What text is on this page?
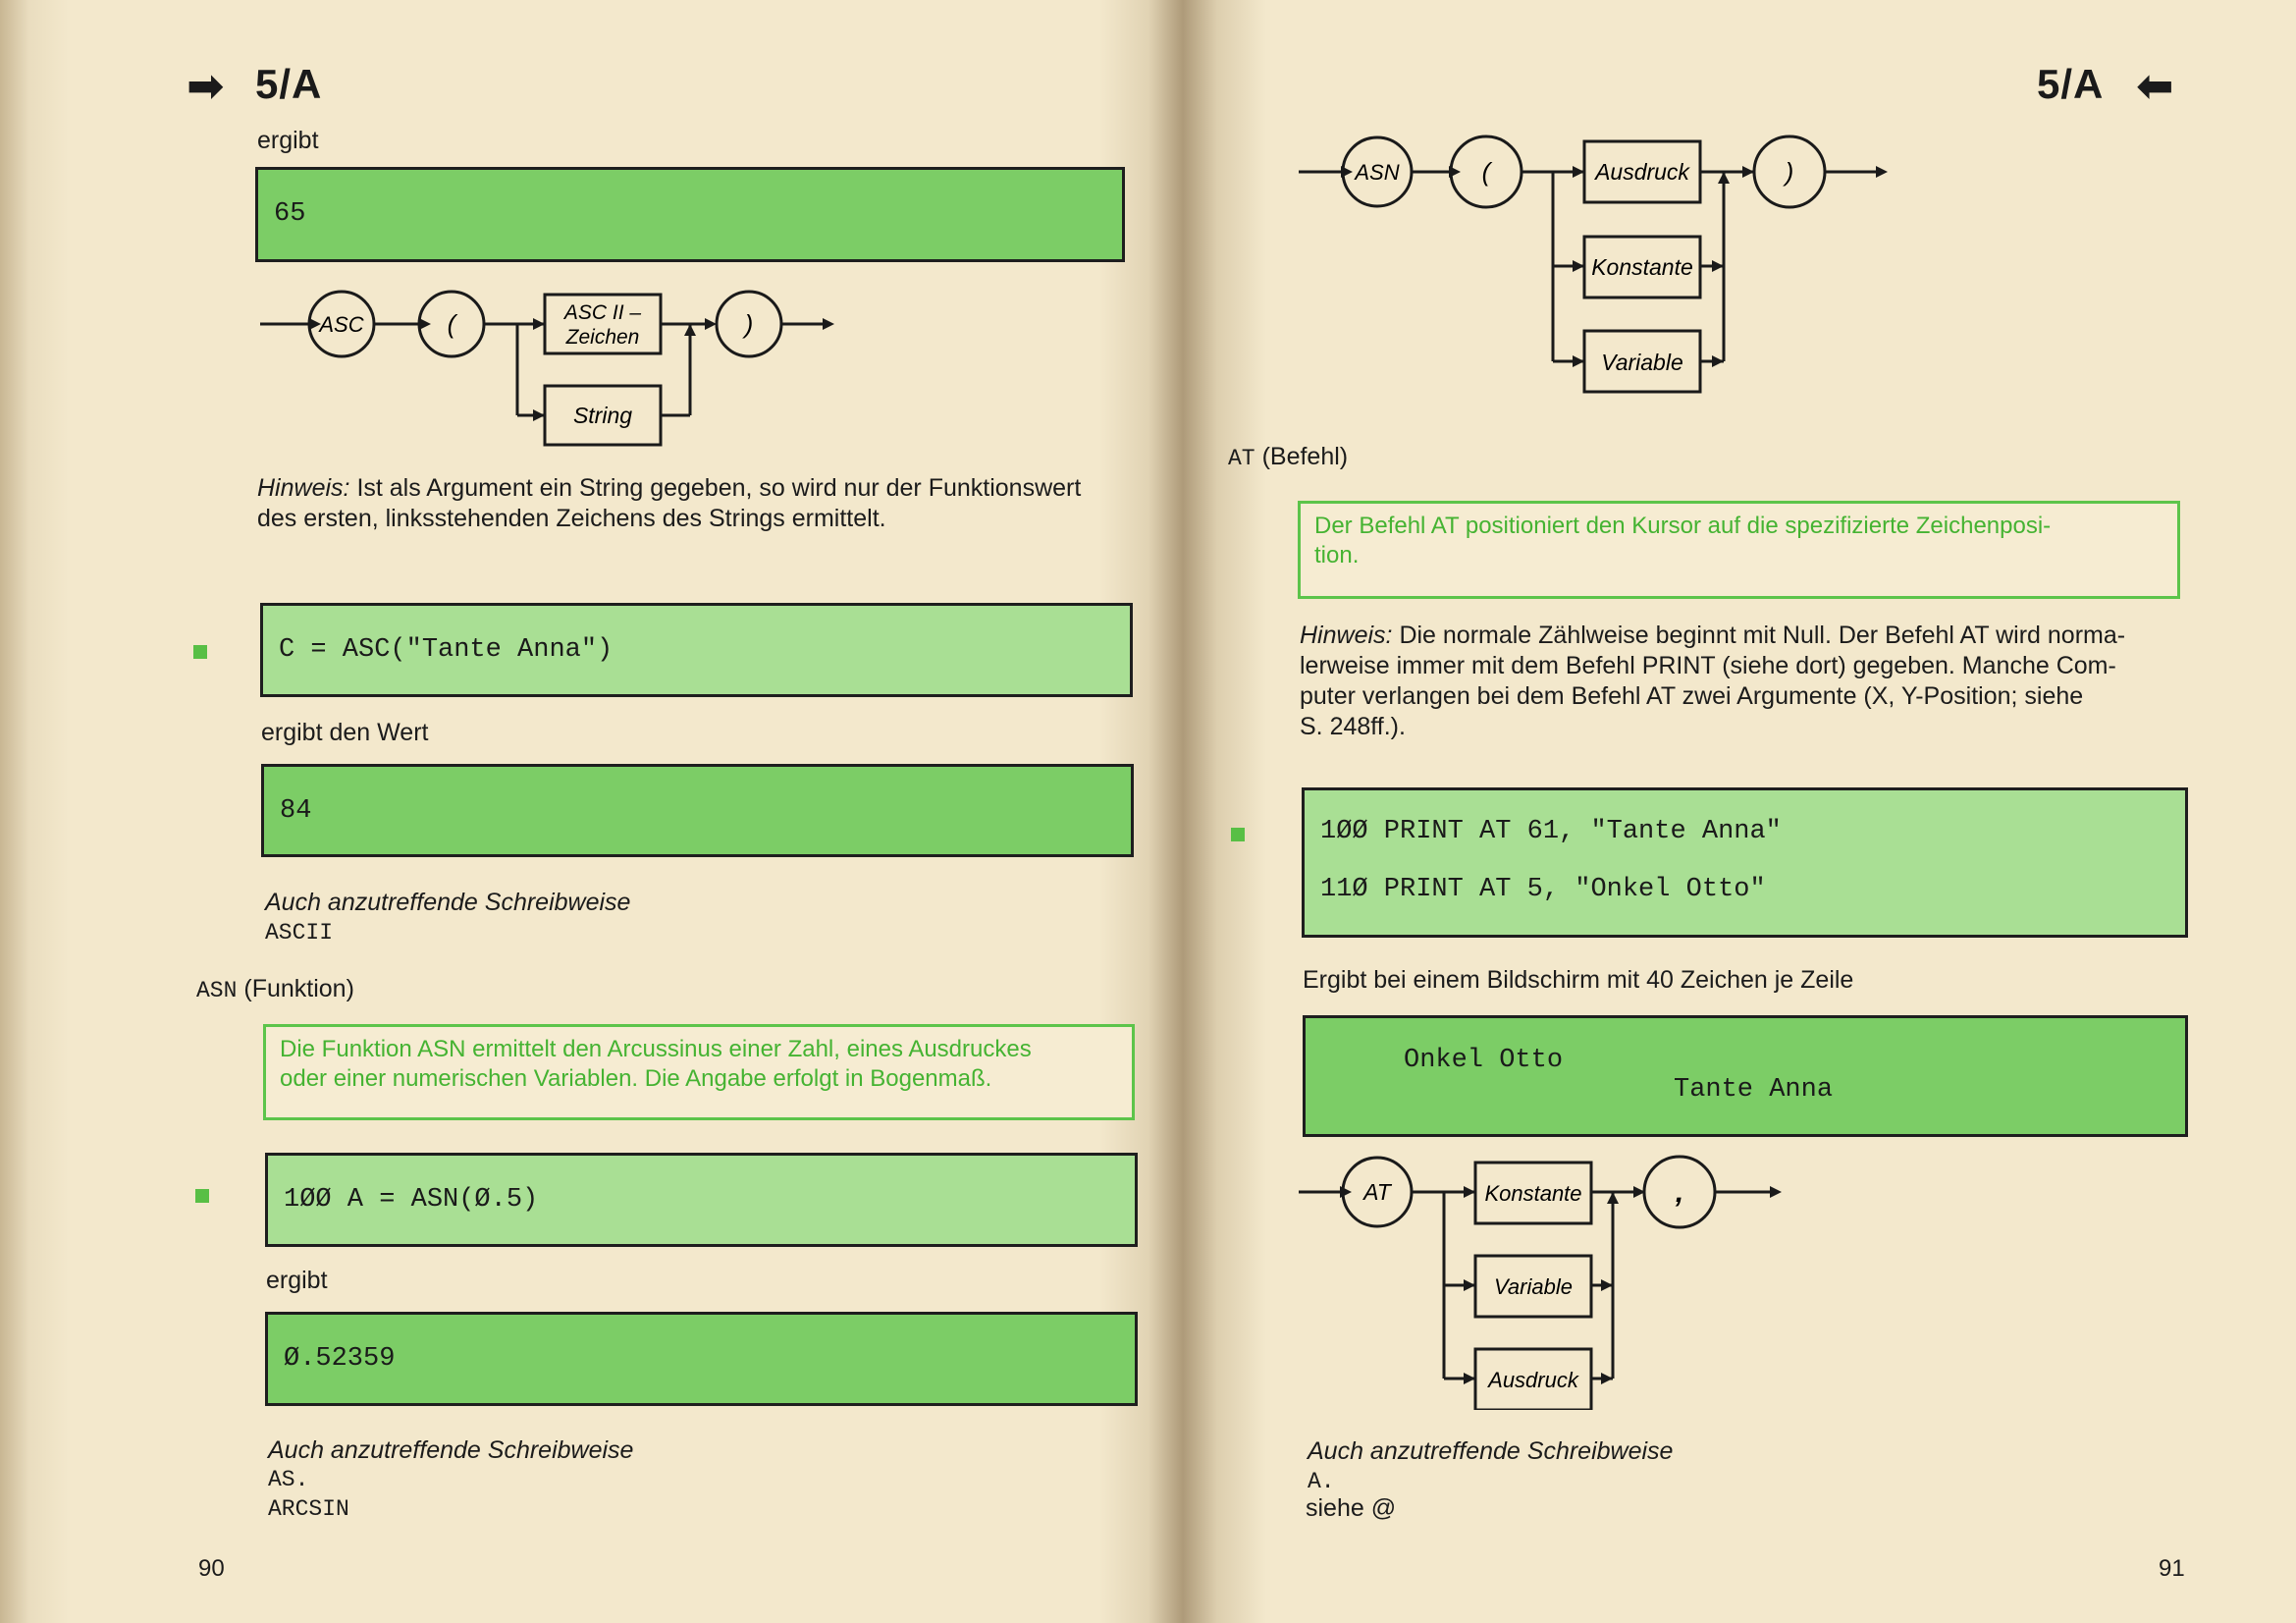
➡ 5/A
ergibt
65
ASC	(	ASC II –
Zeichen
String
)
Hinweis: Ist als Argument ein String gegeben, so wird nur der Funktionswert
des ersten, linksstehenden Zeichens des Strings ermittelt.
C = ASC("Tante Anna")
ergibt den Wert
84
Auch anzutreffende Schreibweise
ASCII
ASN (Funktion)
Die Funktion ASN ermittelt den Arcussinus einer Zahl, eines Ausdruckes
oder einer numerischen Variablen. Die Angabe erfolgt in Bogenmaß.
1ØØ A = ASN(Ø.5)
ergibt
Ø.52359
Auch anzutreffende Schreibweise
AS.
ARCSIN
90
5/A ⬅
ASN	(	Ausdruck
Konstante
Variable
)
AT (Befehl)
Der Befehl AT positioniert den Kursor auf die spezifizierte Zeichenposi-
tion.
Hinweis: Die normale Zählweise beginnt mit Null. Der Befehl AT wird norma-
lerweise immer mit dem Befehl PRINT (siehe dort) gegeben. Manche Com-
puter verlangen bei dem Befehl AT zwei Argumente (X, Y-Position; siehe
S. 248ff.).
1ØØ PRINT AT 61, "Tante Anna"
11Ø PRINT AT 5, "Onkel Otto"
Ergibt bei einem Bildschirm mit 40 Zeichen je Zeile
Onkel Otto
Tante Anna
AT	Konstante
Variable
Ausdruck
,
Auch anzutreffende Schreibweise
A.
siehe @
91
